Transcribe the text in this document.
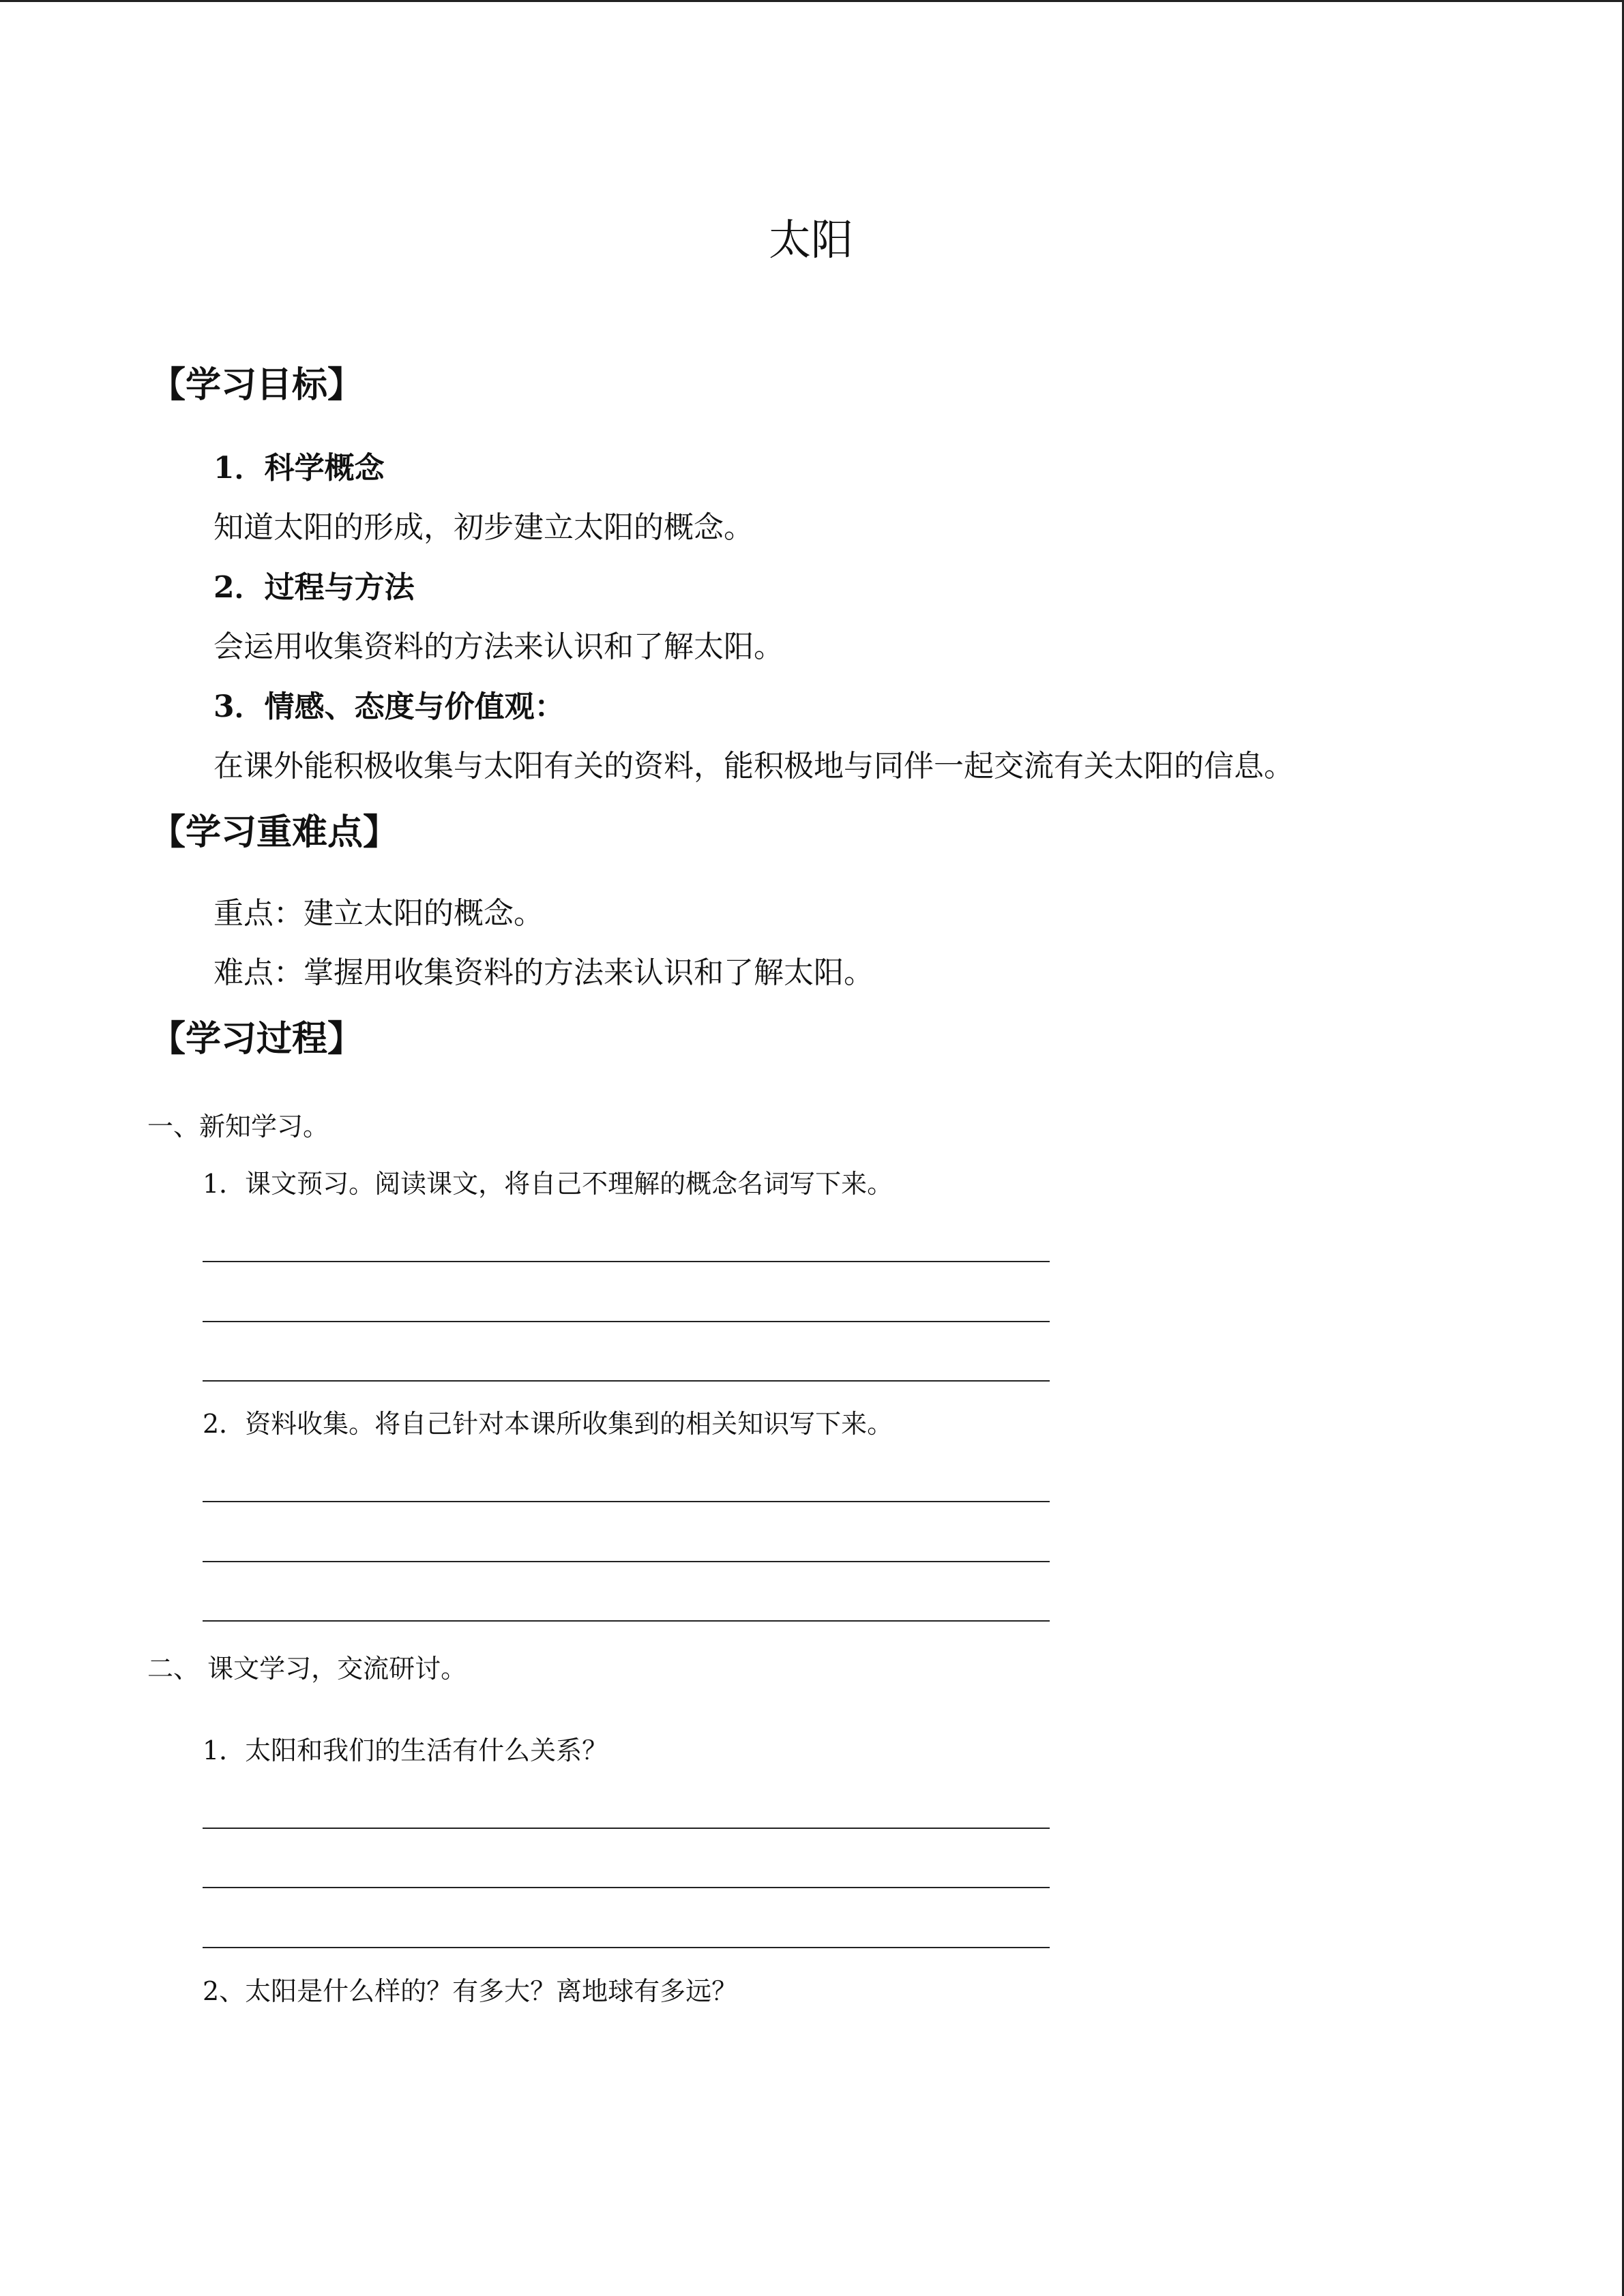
太阳
【学习目标】
1．科学概念
知道太阳的形成，初步建立太阳的概念。
2．过程与方法
会运用收集资料的方法来认识和了解太阳。
3．情感、态度与价值观：
在课外能积极收集与太阳有关的资料，能积极地与同伴一起交流有关太阳的信息。
【学习重难点】
重点：建立太阳的概念。
难点：掌握用收集资料的方法来认识和了解太阳。
【学习过程】
一、新知学习。
1．课文预习。阅读课文，将自己不理解的概念名词写下来。
2．资料收集。将自己针对本课所收集到的相关知识写下来。
二、 课文学习，交流研讨。
1．太阳和我们的生活有什么关系？
2、太阳是什么样的？有多大？离地球有多远？
